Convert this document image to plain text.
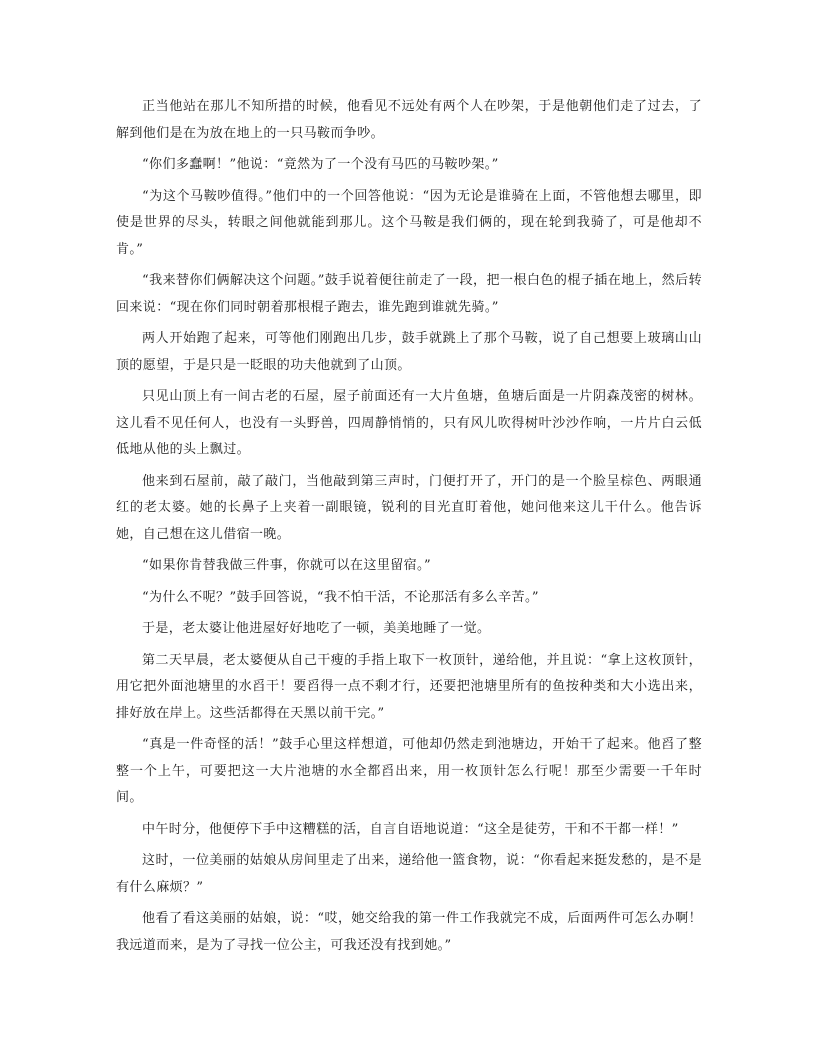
正当他站在那儿不知所措的时候，他看见不远处有两个人在吵架，于是他朝他们走了过去，了解到他们是在为放在地上的一只马鞍而争吵。

“你们多蠢啊！”他说：“竟然为了一个没有马匹的马鞍吵架。”

“为这个马鞍吵值得。”他们中的一个回答他说：“因为无论是谁骑在上面，不管他想去哪里，即使是世界的尽头，转眼之间他就能到那儿。这个马鞍是我们俩的，现在轮到我骑了，可是他却不肯。”

“我来替你们俩解决这个问题。”鼓手说着便往前走了一段，把一根白色的棍子插在地上，然后转回来说：“现在你们同时朝着那根棍子跑去，谁先跑到谁就先骑。”

两人开始跑了起来，可等他们刚跑出几步，鼓手就跳上了那个马鞍，说了自己想要上玻璃山山顶的愿望，于是只是一眨眼的功夫他就到了山顶。

只见山顶上有一间古老的石屋，屋子前面还有一大片鱼塘，鱼塘后面是一片阴森茂密的树林。这儿看不见任何人，也没有一头野兽，四周静悄悄的，只有风儿吹得树叶沙沙作响，一片片白云低低地从他的头上飘过。

他来到石屋前，敲了敲门，当他敲到第三声时，门便打开了，开门的是一个脸呈棕色、两眼通红的老太婆。她的长鼻子上夹着一副眼镜，锐利的目光直盯着他，她问他来这儿干什么。他告诉她，自己想在这儿借宿一晚。

“如果你肯替我做三件事，你就可以在这里留宿。”

“为什么不呢？”鼓手回答说，“我不怕干活，不论那活有多么辛苦。”

于是，老太婆让他进屋好好地吃了一顿，美美地睡了一觉。

第二天早晨，老太婆便从自己干瘦的手指上取下一枚顶针，递给他，并且说：“拿上这枚顶针，用它把外面池塘里的水舀干！要舀得一点不剩才行，还要把池塘里所有的鱼按种类和大小选出来，排好放在岸上。这些活都得在天黑以前干完。”

“真是一件奇怪的活！”鼓手心里这样想道，可他却仍然走到池塘边，开始干了起来。他舀了整整一个上午，可要把这一大片池塘的水全都舀出来，用一枚顶针怎么行呢！那至少需要一千年时间。

中午时分，他便停下手中这糟糕的活，自言自语地说道：“这全是徒劳，干和不干都一样！”

这时，一位美丽的姑娘从房间里走了出来，递给他一篮食物，说：“你看起来挺发愁的，是不是有什么麻烦？”

他看了看这美丽的姑娘，说：“哎，她交给我的第一件工作我就完不成，后面两件可怎么办啊！我远道而来，是为了寻找一位公主，可我还没有找到她。”
